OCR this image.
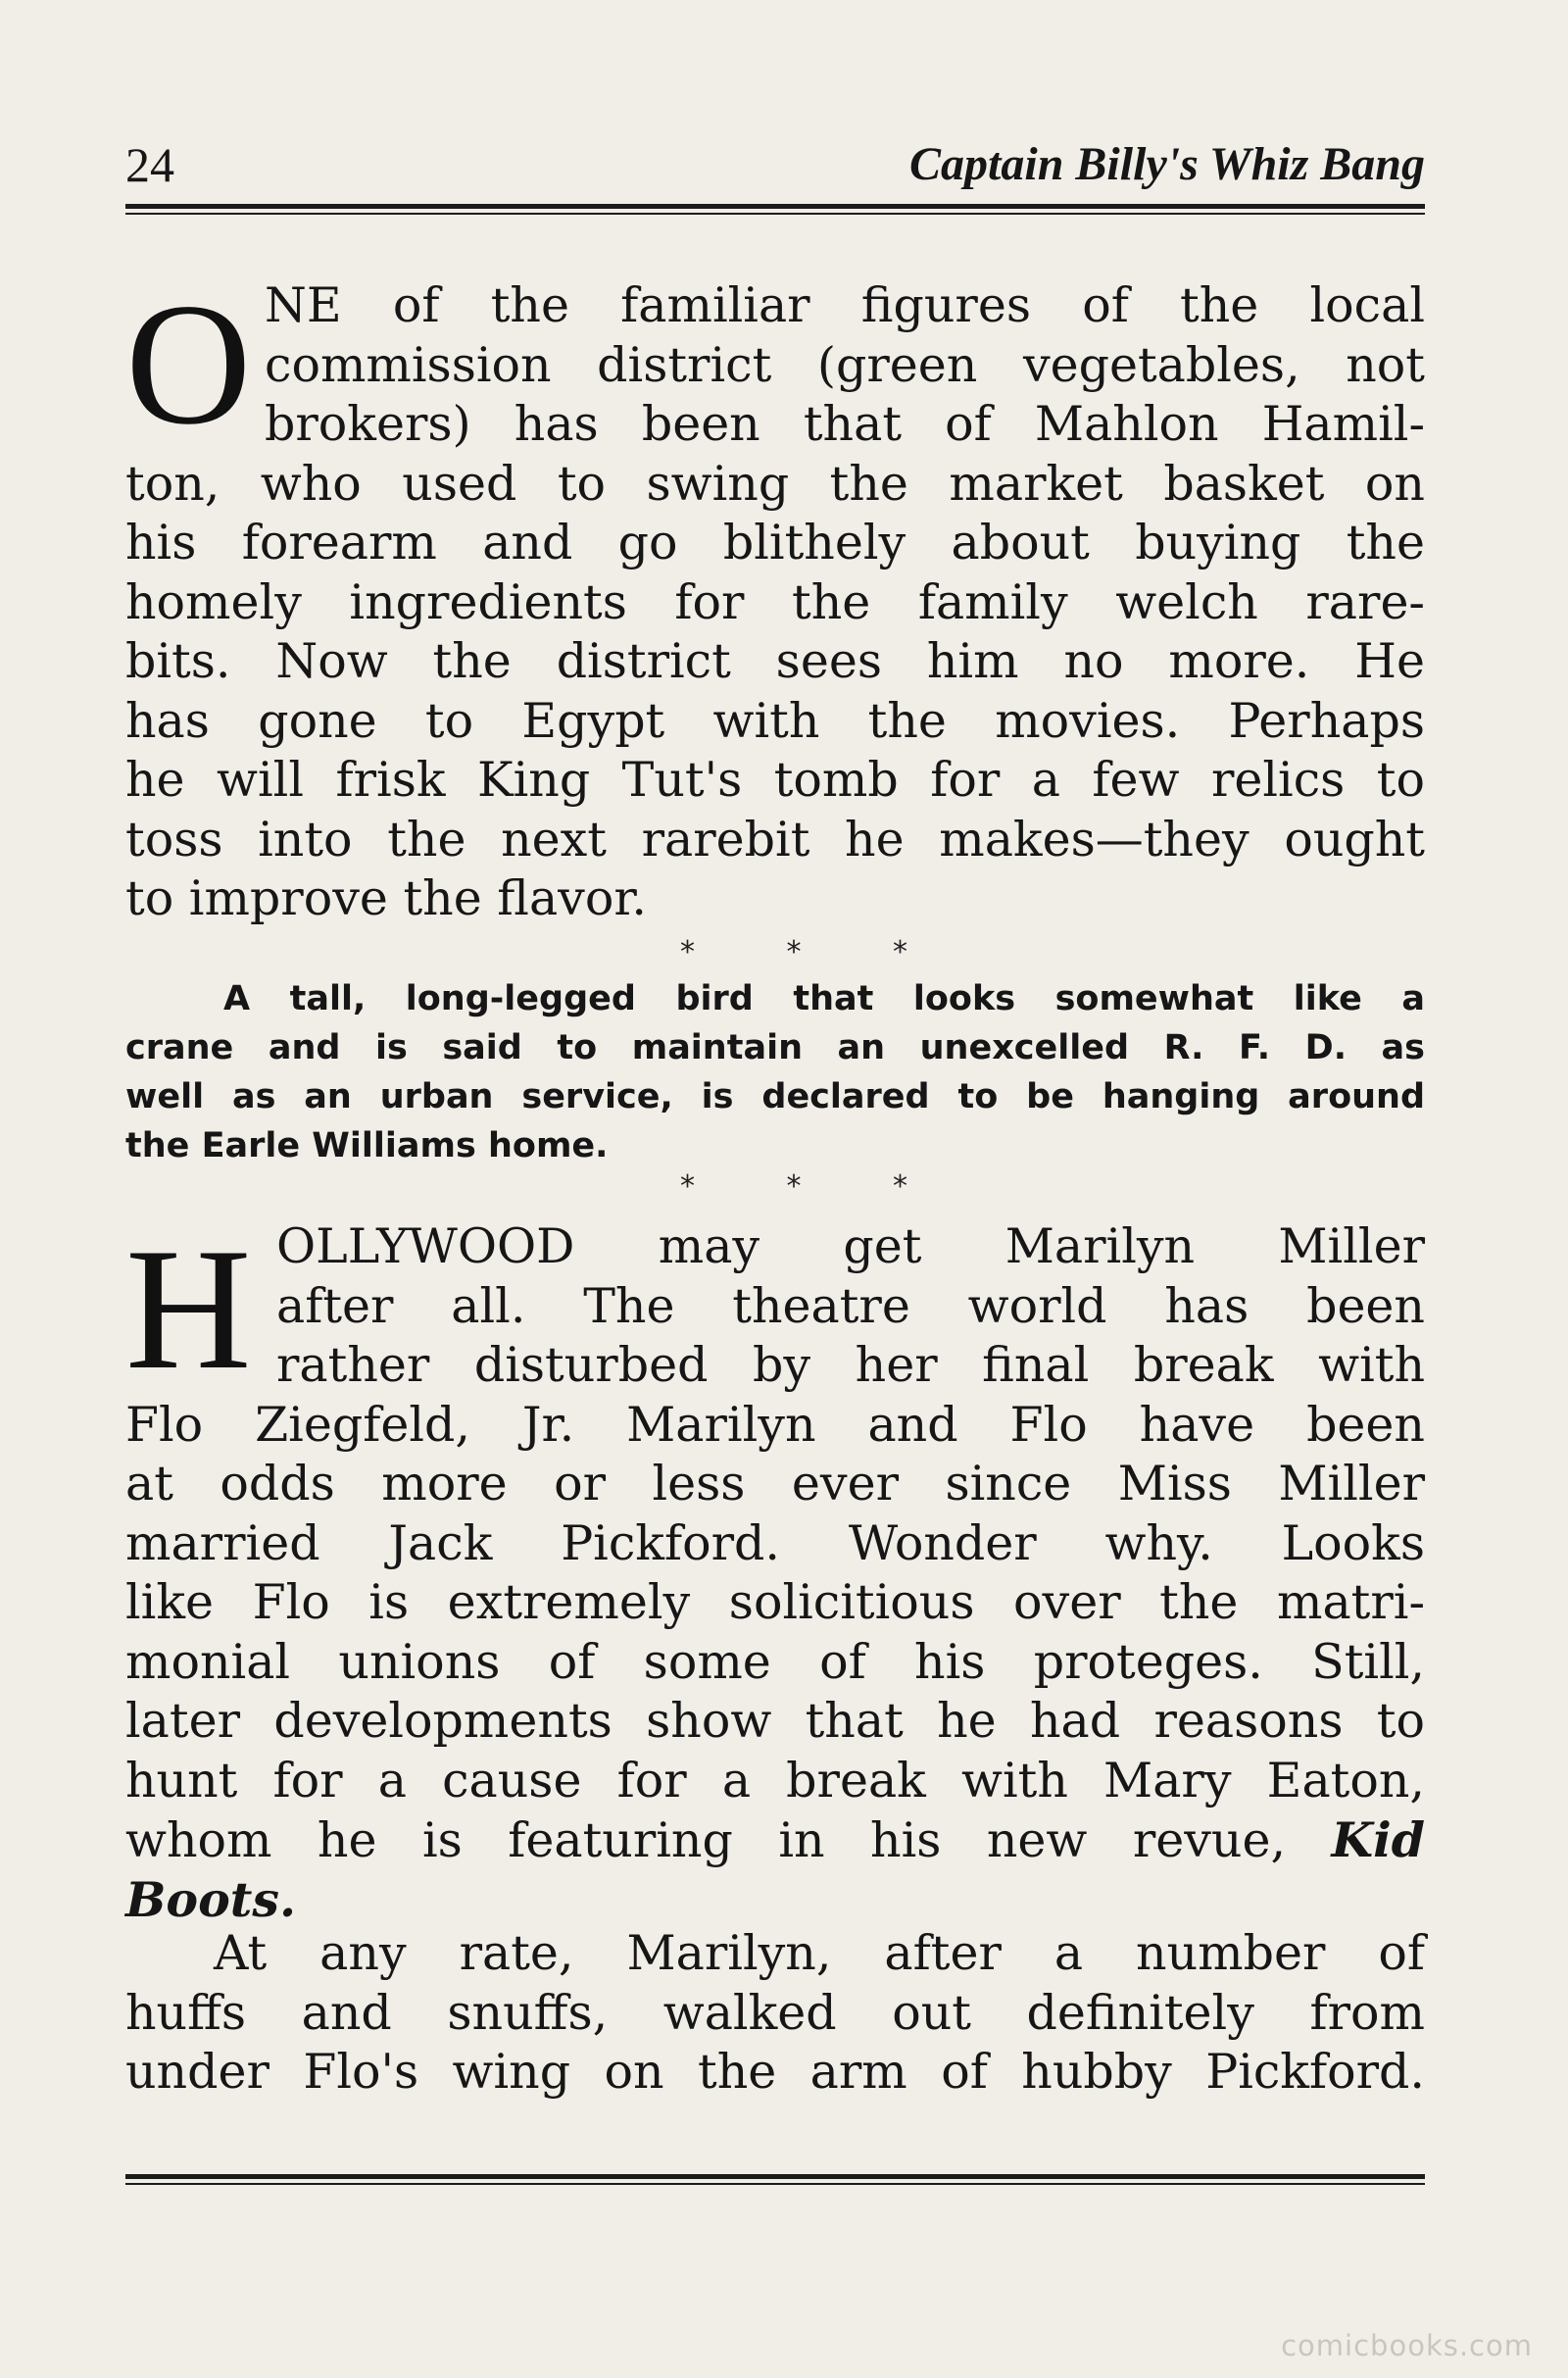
24	Captain Billy's Whiz Bang
O NE of the familiar figures of the local
commission district (green vegetables, not
brokers) has been that of Mahlon Hamil-
ton, who used to swing the market basket on
his forearm and go blithely about buying the
homely ingredients for the family welch rare-
bits. Now the district sees him no more. He
has gone to Egypt with the movies. Perhaps
he will frisk King Tut's tomb for a few relics to
toss into the next rarebit he makes—they ought
to improve the flavor.
* * *
A tall, long-legged bird that looks somewhat like a
crane and is said to maintain an unexcelled R. F. D. as
well as an urban service, is declared to be hanging around
the Earle Williams home.
* * *
H OLLYWOOD may get Marilyn Miller
after all. The theatre world has been
rather disturbed by her final break with
Flo Ziegfeld, Jr. Marilyn and Flo have been
at odds more or less ever since Miss Miller
married Jack Pickford. Wonder why. Looks
like Flo is extremely solicitious over the matri-
monial unions of some of his proteges. Still,
later developments show that he had reasons to
hunt for a cause for a break with Mary Eaton,
whom he is featuring in his new revue, Kid
Boots.
At any rate, Marilyn, after a number of
huffs and snuffs, walked out definitely from
under Flo's wing on the arm of hubby Pickford.
comicbooks.com
